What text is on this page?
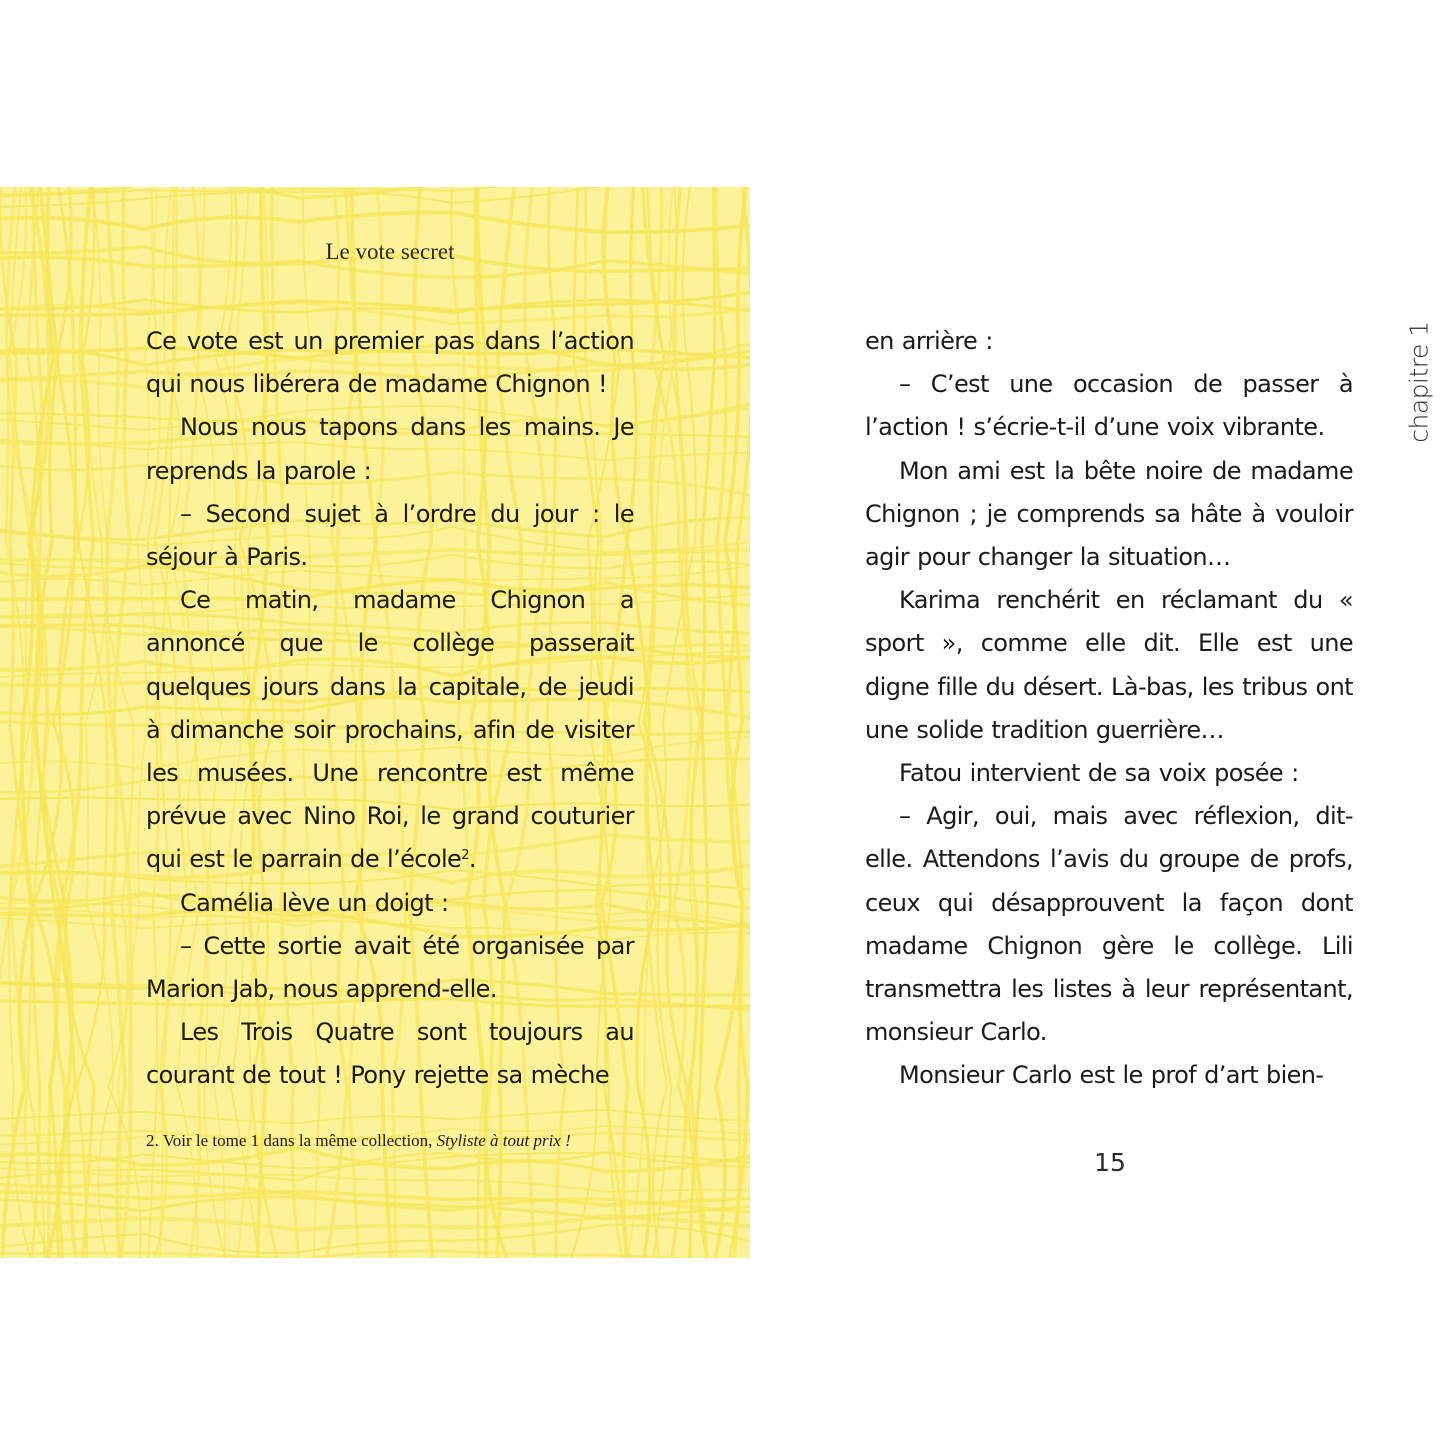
Le vote secret

Ce vote est un premier pas dans l’action qui nous libérera de madame Chignon !

Nous nous tapons dans les mains. Je reprends la parole :

– Second sujet à l’ordre du jour : le séjour à Paris.

Ce matin, madame Chignon a annoncé que le collège passerait quelques jours dans la capitale, de jeudi à dimanche soir prochains, afin de visiter les musées. Une rencontre est même prévue avec Nino Roi, le grand couturier qui est le parrain de l’école$^2$.

Camélia lève un doigt :

– Cette sortie avait été organisée par Marion Jab, nous apprend-elle.

Les Trois Quatre sont toujours au courant de tout ! Pony rejette sa mèche

2. Voir le tome 1 dans la même collection, Styliste à tout prix !

en arrière :

– C’est une occasion de passer à l’action ! s’écrie-t-il d’une voix vibrante.

Mon ami est la bête noire de madame Chignon ; je comprends sa hâte à vouloir agir pour changer la situation…

Karima renchérit en réclamant du « sport », comme elle dit. Elle est une digne fille du désert. Là-bas, les tribus ont une solide tradition guerrière…

Fatou intervient de sa voix posée :

– Agir, oui, mais avec réflexion, dit-elle. Attendons l’avis du groupe de profs, ceux qui désapprouvent la façon dont madame Chignon gère le collège. Lili transmettra les listes à leur représentant, monsieur Carlo.

Monsieur Carlo est le prof d’art bien-

chapitre 1
15
